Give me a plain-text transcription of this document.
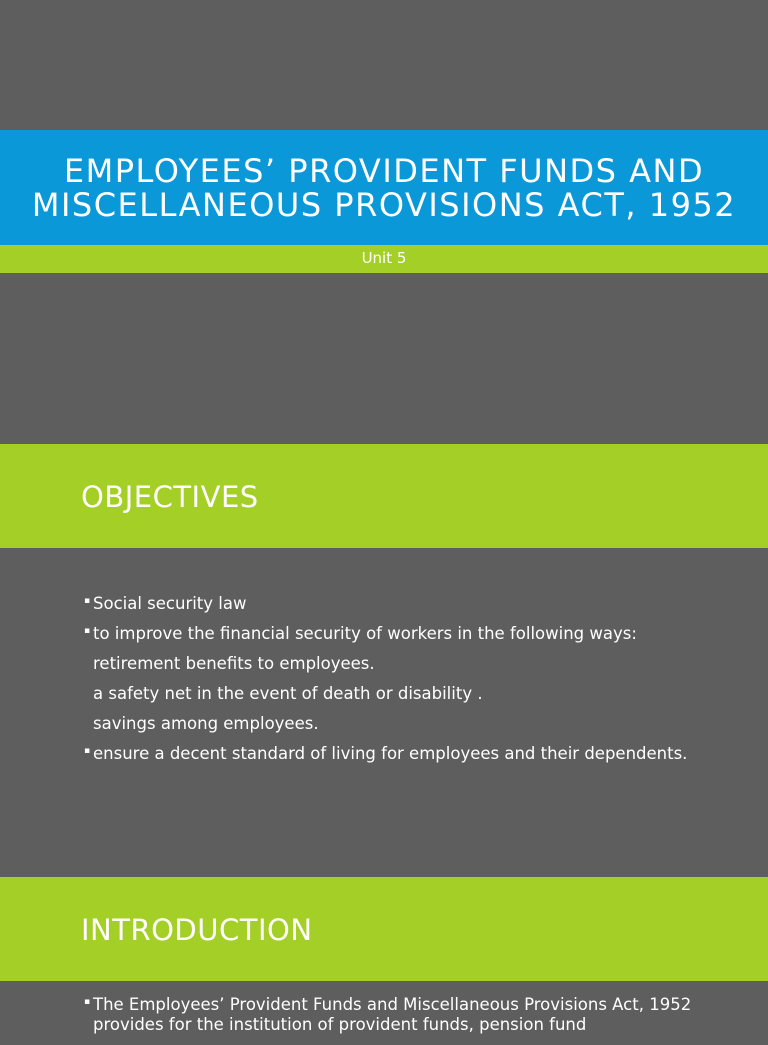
EMPLOYEES’ PROVIDENT FUNDS AND MISCELLANEOUS PROVISIONS ACT, 1952
Unit 5
OBJECTIVES
▪ Social security law
▪ to improve the financial security of workers in the following ways:
retirement benefits to employees.
a safety net in the event of death or disability .
savings among employees.
▪ ensure a decent standard of living for employees and their dependents.
INTRODUCTION
▪ The Employees’ Provident Funds and Miscellaneous Provisions Act, 1952 provides for the institution of provident funds, pension fund
